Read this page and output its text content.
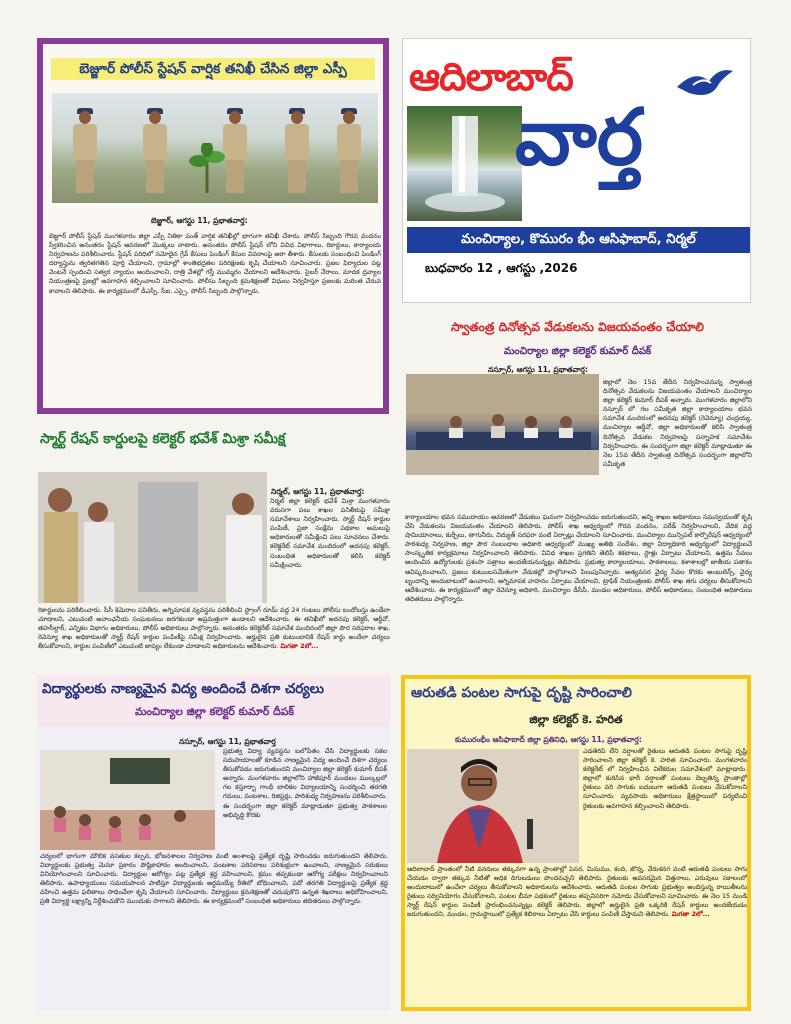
బెజ్జూర్ పోలీస్ స్టేషన్ వార్షిక తనిఖీ చేసిన జిల్లా ఎస్పీ
బెజ్జూర్, ఆగస్టు 11, ప్రభాతవార్త:

బెజ్జూర్ పోలీస్ స్టేషన్ మంగళవారం జిల్లా ఎస్పీ నితికా పంత్ వార్షిక తనిఖీల్లో భాగంగా తనిఖీ చేశారు. పోలీస్ సిబ్బంది గౌరవ వందనం స్వీకరించిన అనంతరం స్టేషన్ ఆవరణలో మొక్కలు నాటారు. అనంతరం పోలీస్ స్టేషన్ లోని వివిధ విభాగాలు, రికార్డులు, కార్యాలయ నిర్వహణను పరిశీలించారు. స్టేషన్ పరిధిలో నమోదైన గ్రేవ్ కేసులు పెండింగ్ కేసుల వివరాలపై ఆరా తీశారు. కేసులకు సంబంధించి పెండింగ్ దర్యాప్తును త్వరితగతిన పూర్తి చేయాలని, గ్రామాల్లో శాంతిభద్రతల పరిరక్షణకు కృషి చేయాలని సూచించారు. ప్రజల ఫిర్యాదుల పట్ల వెంటనే స్పందించి సత్వర న్యాయం అందించాలని, రాత్రి వేళల్లో గస్తీ ముమ్మరం చేయాలని ఆదేశించారు. సైబర్ నేరాలు, మాదక ద్రవ్యాల నియంత్రణపై ప్రజల్లో అవగాహన కల్పించాలని సూచించారు. పోలీసు సిబ్బంది క్రమశిక్షణతో విధులు నిర్వహిస్తూ ప్రజలకు మరింత చేరువ కావాలని తెలిపారు. ఈ కార్యక్రమంలో డీఎస్పీ, సీఐ, ఎస్సై, పోలీస్ సిబ్బంది పాల్గొన్నారు.

ఆదిలాబాద్
వార్త
మంచిర్యాల, కొమురం భీం ఆసిఫాబాద్, నిర్మల్
బుధవారం 12 , ఆగస్టు ,2026
స్వాతంత్ర దినోత్సవ వేడుకలను విజయవంతం చేయాలి
మంచిర్యాల జిల్లా కలెక్టర్ కుమార్ దీపక్
నస్పూర్, ఆగస్టు 11, ప్రభాతవార్త:

జిల్లాలో నెల 15వ తేదీన నిర్వహించనున్న స్వాతంత్ర దినోత్సవ వేడుకలను విజయవంతం చేయాలని మంచిర్యాల జిల్లా కలెక్టర్ కుమార్ దీపక్ అన్నారు. మంగళవారం జిల్లాలోని నస్పూర్ లో గల సమీకృత జిల్లా కార్యాలయాల భవన సమావేశ మందిరంలో అదనపు కలెక్టర్ (రెవెన్యూ) చంద్రయ్య, మంచిర్యాల ఆర్డీవో, జిల్లా అధికారులతో కలిసి స్వాతంత్ర దినోత్సవ వేడుకల నిర్వహణపై సన్నాహక సమావేశం నిర్వహించారు. ఈ సందర్భంగా జిల్లా కలెక్టర్ మాట్లాడుతూ ఈ నెల 15వ తేదీన స్వాతంత్ర దినోత్సవ సందర్భంగా జిల్లాలోని సమీకృత

కార్యాలయాల భవన సముదాయం ఆవరణలో వేడుకలు ఘనంగా నిర్వహించడం జరుగుతుందని, అన్ని శాఖల అధికారులు సమన్వయంతో కృషి చేసి వేడుకలను విజయవంతం చేయాలని తెలిపారు. పోలీస్ శాఖ ఆధ్వర్యంలో గౌరవ వందనం, పరేడ్ నిర్వహించాలని, వేదిక వద్ద షామియానాలు, కుర్చీలు, తాగునీరు, విద్యుత్ సరఫరా వంటి ఏర్పాట్లు చేయాలని సూచించారు. మంచిర్యాల మున్సిపల్ కార్పొరేషన్ ఆధ్వర్యంలో పారిశుధ్య నిర్వహణ, జిల్లా పౌర సంబంధాల అధికారి ఆధ్వర్యంలో ముఖ్య అతిథి సందేశం, జిల్లా విద్యాధికారి ఆధ్వర్యంలో విద్యార్థులచే సాంస్కృతిక కార్యక్రమాలు నిర్వహించాలని తెలిపారు. వివిధ శాఖల ప్రగతిని తెలిపే శకటాలు, స్టాళ్లు ఏర్పాటు చేయాలని, ఉత్తమ సేవలు అందించిన ఉద్యోగులకు ప్రశంసా పత్రాలు అందజేయనున్నట్లు తెలిపారు. ప్రభుత్వ కార్యాలయాలు, పాఠశాలలు, కళాశాలల్లో జాతీయ పతాకం ఆవిష్కరించాలని, ప్రజలు కుటుంబసమేతంగా వేడుకల్లో పాల్గొనాలని పిలుపునిచ్చారు. అత్యవసర వైద్య సేవల కొరకు అంబులెన్స్, వైద్య బృందాన్ని అందుబాటులో ఉంచాలని, అగ్నిమాపక వాహనం ఏర్పాటు చేయాలని, ట్రాఫిక్ నియంత్రణకు పోలీస్ శాఖ తగు చర్యలు తీసుకోవాలని ఆదేశించారు. ఈ కార్యక్రమంలో జిల్లా రెవెన్యూ అధికారి, మంచిర్యాల డీసీపీ, మండల అధికారులు, పోలీస్ అధికారులు, సంబంధిత అధికారులు తదితరులు పాల్గొన్నారు.

స్మార్ట్ రేషన్ కార్డులపై కలెక్టర్ భవేశ్ మిశ్రా సమీక్ష
నిర్మల్, ఆగస్టు 11, ప్రభాతవార్త:

నిర్మల్ జిల్లా కలెక్టర్ భవేశ్ మిశ్రా మంగళవారం వరుసగా పలు శాఖల పనితీరుపై సమీక్షా సమావేశాలు నిర్వహించారు. స్మార్ట్ రేషన్ కార్డుల పంపిణీ, ప్రజా సంక్షేమ పథకాల అమలుపై అధికారులతో సమీక్షించి పలు సూచనలు చేశారు. కలెక్టరేట్ సమావేశ మందిరంలో అదనపు కలెక్టర్, సంబంధిత అధికారులతో కలిసి కలెక్టర్ సమీక్షించారు.

రికార్డులను పరిశీలించారు. సీసీ కెమెరాల పనితీరు, అగ్నిమాపక వ్యవస్థను పరిశీలించి స్ట్రాంగ్ రూమ్ వద్ద 24 గంటలు పోలీసు బందోబస్తు ఉండేలా చూడాలని, ఎటువంటి అవాంఛనీయ సంఘటనలు జరగకుండా అప్రమత్తంగా ఉండాలని ఆదేశించారు. ఈ తనిఖీలో అదనపు కలెక్టర్, ఆర్డీవో, తహసీల్దార్, ఎన్నికల విభాగం అధికారులు, పోలీస్ అధికారులు పాల్గొన్నారు. అనంతరం కలెక్టరేట్ సమావేశ మందిరంలో జిల్లా పౌర సరఫరాల శాఖ, రెవెన్యూ శాఖ అధికారులతో స్మార్ట్ రేషన్ కార్డుల పంపిణీపై సమీక్ష నిర్వహించారు. అర్హులైన ప్రతి కుటుంబానికి రేషన్ కార్డు అందేలా చర్యలు తీసుకోవాలని, కార్డుల పంపిణీలో ఎటువంటి జాప్యం లేకుండా చూడాలని అధికారులను ఆదేశించారు. మిగతా 2లో...

విద్యార్థులకు నాణ్యమైన విద్య అందించే దిశగా చర్యలు
మంచిర్యాల జిల్లా కలెక్టర్ కుమార్ దీపక్
నస్పూర్, ఆగస్టు 11, ప్రభాతవార్త

ప్రభుత్వ విద్యా వ్యవస్థను బలోపేతం చేసి విద్యార్థులకు సకల సదుపాయాలతో కూడిన నాణ్యమైన విద్య అందించే దిశగా చర్యలు తీసుకోవడం జరుగుతుందని మంచిర్యాల జిల్లా కలెక్టర్ కుమార్ దీపక్ అన్నారు. మంగళవారం జిల్లాలోని హాజీపూర్ మండలం ముల్కల్లలో గల కస్తూర్బా గాంధీ బాలికల విద్యాలయాన్ని సందర్శించి తరగతి గదులు, వంటశాల, రిజిస్టర్లు, పారిశుధ్య నిర్వహణను పరిశీలించారు. ఈ సందర్భంగా జిల్లా కలెక్టర్ మాట్లాడుతూ ప్రభుత్వ పాఠశాలల అభివృద్ధి కొరకు

చర్యలలో భాగంగా మౌలిక వసతుల కల్పన, భోజనశాలల నిర్వహణ వంటి అంశాలపై ప్రత్యేక దృష్టి సారించడం జరుగుతుందని తెలిపారు. విద్యార్థులకు ప్రభుత్వ మెనూ ప్రకారం పౌష్టికాహారం అందించాలని, వంటశాల పరిసరాలు పరిశుభ్రంగా ఉంచాలని, నాణ్యమైన సరుకులు వినియోగించాలని సూచించారు. విద్యార్థుల ఆరోగ్యం పట్ల ప్రత్యేక శ్రద్ధ వహించాలని, క్రమం తప్పకుండా ఆరోగ్య పరీక్షలు నిర్వహించాలని తెలిపారు. ఉపాధ్యాయులు సమయపాలన పాటిస్తూ విద్యార్థులకు అర్థమయ్యే రీతిలో బోధించాలని, పదో తరగతి విద్యార్థులపై ప్రత్యేక శ్రద్ధ వహించి ఉత్తమ ఫలితాలు సాధించేలా కృషి చేయాలని సూచించారు. విద్యార్థులు క్రమశిక్షణతో చదువుకొని ఉన్నత శిఖరాలు అధిరోహించాలని, ప్రతి విద్యార్థి లక్ష్యాన్ని నిర్దేశించుకొని ముందుకు సాగాలని తెలిపారు. ఈ కార్యక్రమంలో సంబంధిత అధికారులు తదితరులు పాల్గొన్నారు.

ఆరుతడి పంటల సాగుపై దృష్టి సారించాలి
జిల్లా కలెక్టర్ కె. హరిత
కుమురంభీం ఆసిఫాబాద్ జిల్లా ప్రతినిధి, ఆగస్టు 11, ప్రభాతవార్త:

ఎడతెరిపి లేని వర్షాలతో రైతులు ఆరుతడి పంటల సాగుపై దృష్టి సారించాలని జిల్లా కలెక్టర్ కె. హరిత సూచించారు. మంగళవారం కలెక్టరేట్ లో నిర్వహించిన విలేకరుల సమావేశంలో మాట్లాడారు. జిల్లాలో కురిసిన భారీ వర్షాలతో పంటలు దెబ్బతిన్న ప్రాంతాల్లో రైతులు వరి సాగుకు బదులుగా ఆరుతడి పంటలు వేసుకోవాలని సూచించారు. వ్యవసాయ అధికారులు క్షేత్రస్థాయిలో పర్యటించి రైతులకు అవగాహన కల్పించాలని తెలిపారు.

ఆదిలాబాద్ ప్రాంతంలో నీటి వనరులు తక్కువగా ఉన్న ప్రాంతాల్లో పెసర, మినుము, కంది, జొన్న, వేరుశనగ వంటి ఆరుతడి పంటలు సాగు చేయడం ద్వారా తక్కువ నీటితో అధిక దిగుబడులు పొందవచ్చని తెలిపారు. రైతులకు అవసరమైన విత్తనాలు, ఎరువులు సకాలంలో అందుబాటులో ఉంచేలా చర్యలు తీసుకోవాలని అధికారులను ఆదేశించారు. ఆరుతడి పంటల సాగుకు ప్రభుత్వం అందిస్తున్న రాయితీలను రైతులు సద్వినియోగం చేసుకోవాలని, పంటల బీమా పథకంలో రైతులు తప్పనిసరిగా నమోదు చేసుకోవాలని సూచించారు. ఈ నెల 15 నుండి స్మార్ట్ రేషన్ కార్డుల పంపిణీ ప్రారంభించనున్నట్లు కలెక్టర్ తెలిపారు. జిల్లాలో అర్హులైన ప్రతి ఒక్కరికి రేషన్ కార్డులు అందజేయడం జరుగుతుందని, మండల, గ్రామస్థాయిలో ప్రత్యేక శిబిరాలు ఏర్పాటు చేసి కార్డులు పంపిణీ చేస్తామని తెలిపారు. మిగతా 2లో...
